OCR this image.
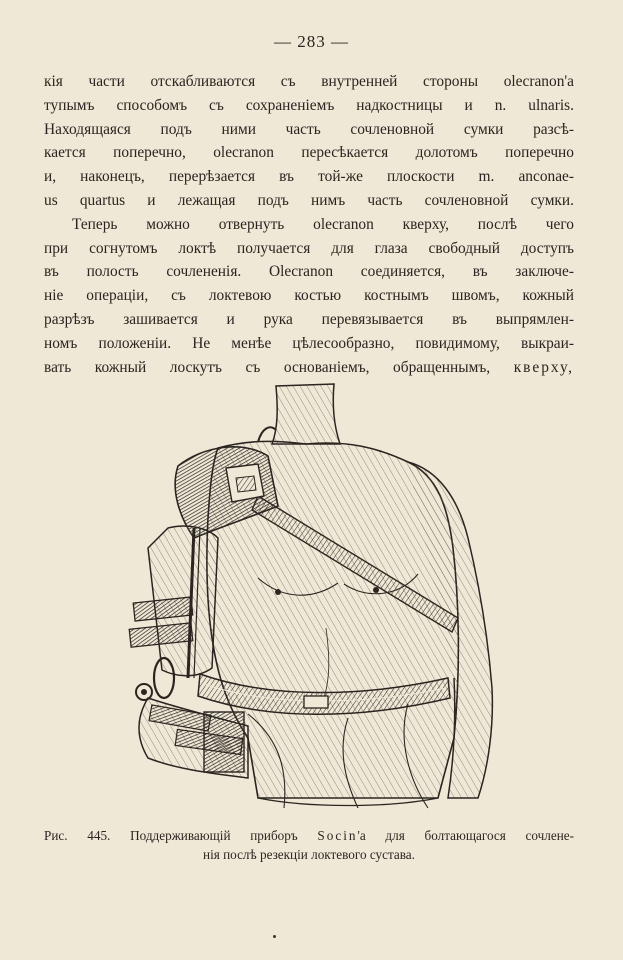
— 283 —
кія части отскабливаются съ внутренней стороны olecranon'a
тупымъ способомъ съ сохраненіемъ надкостницы и n. ulnaris.
Находящаяся подъ ними часть сочленовной сумки разсѣ-
кается поперечно, olecranon пересѣкается долотомъ поперечно
и, наконецъ, перерѣзается въ той-же плоскости m. anconae-
us quartus и лежащая подъ нимъ часть сочленовной сумки.
Теперь можно отвернуть olecranon кверху, послѣ чего
при согнутомъ локтѣ получается для глаза свободный доступъ
въ полость сочлененія. Olecranon соединяется, въ заключе-
ніе операціи, съ локтевою костью костнымъ швомъ, кожный
разрѣзъ зашивается и рука перевязывается въ выпрямлен-
номъ положеніи. Не менѣе цѣлесообразно, повидимому, выкраи-
вать кожный лоскутъ съ основаніемъ, обращеннымъ, кверху,
Рис. 445. Поддерживающій приборъ Socin'a для болтающагося сочлене-
нія послѣ резекціи локтевого сустава.
